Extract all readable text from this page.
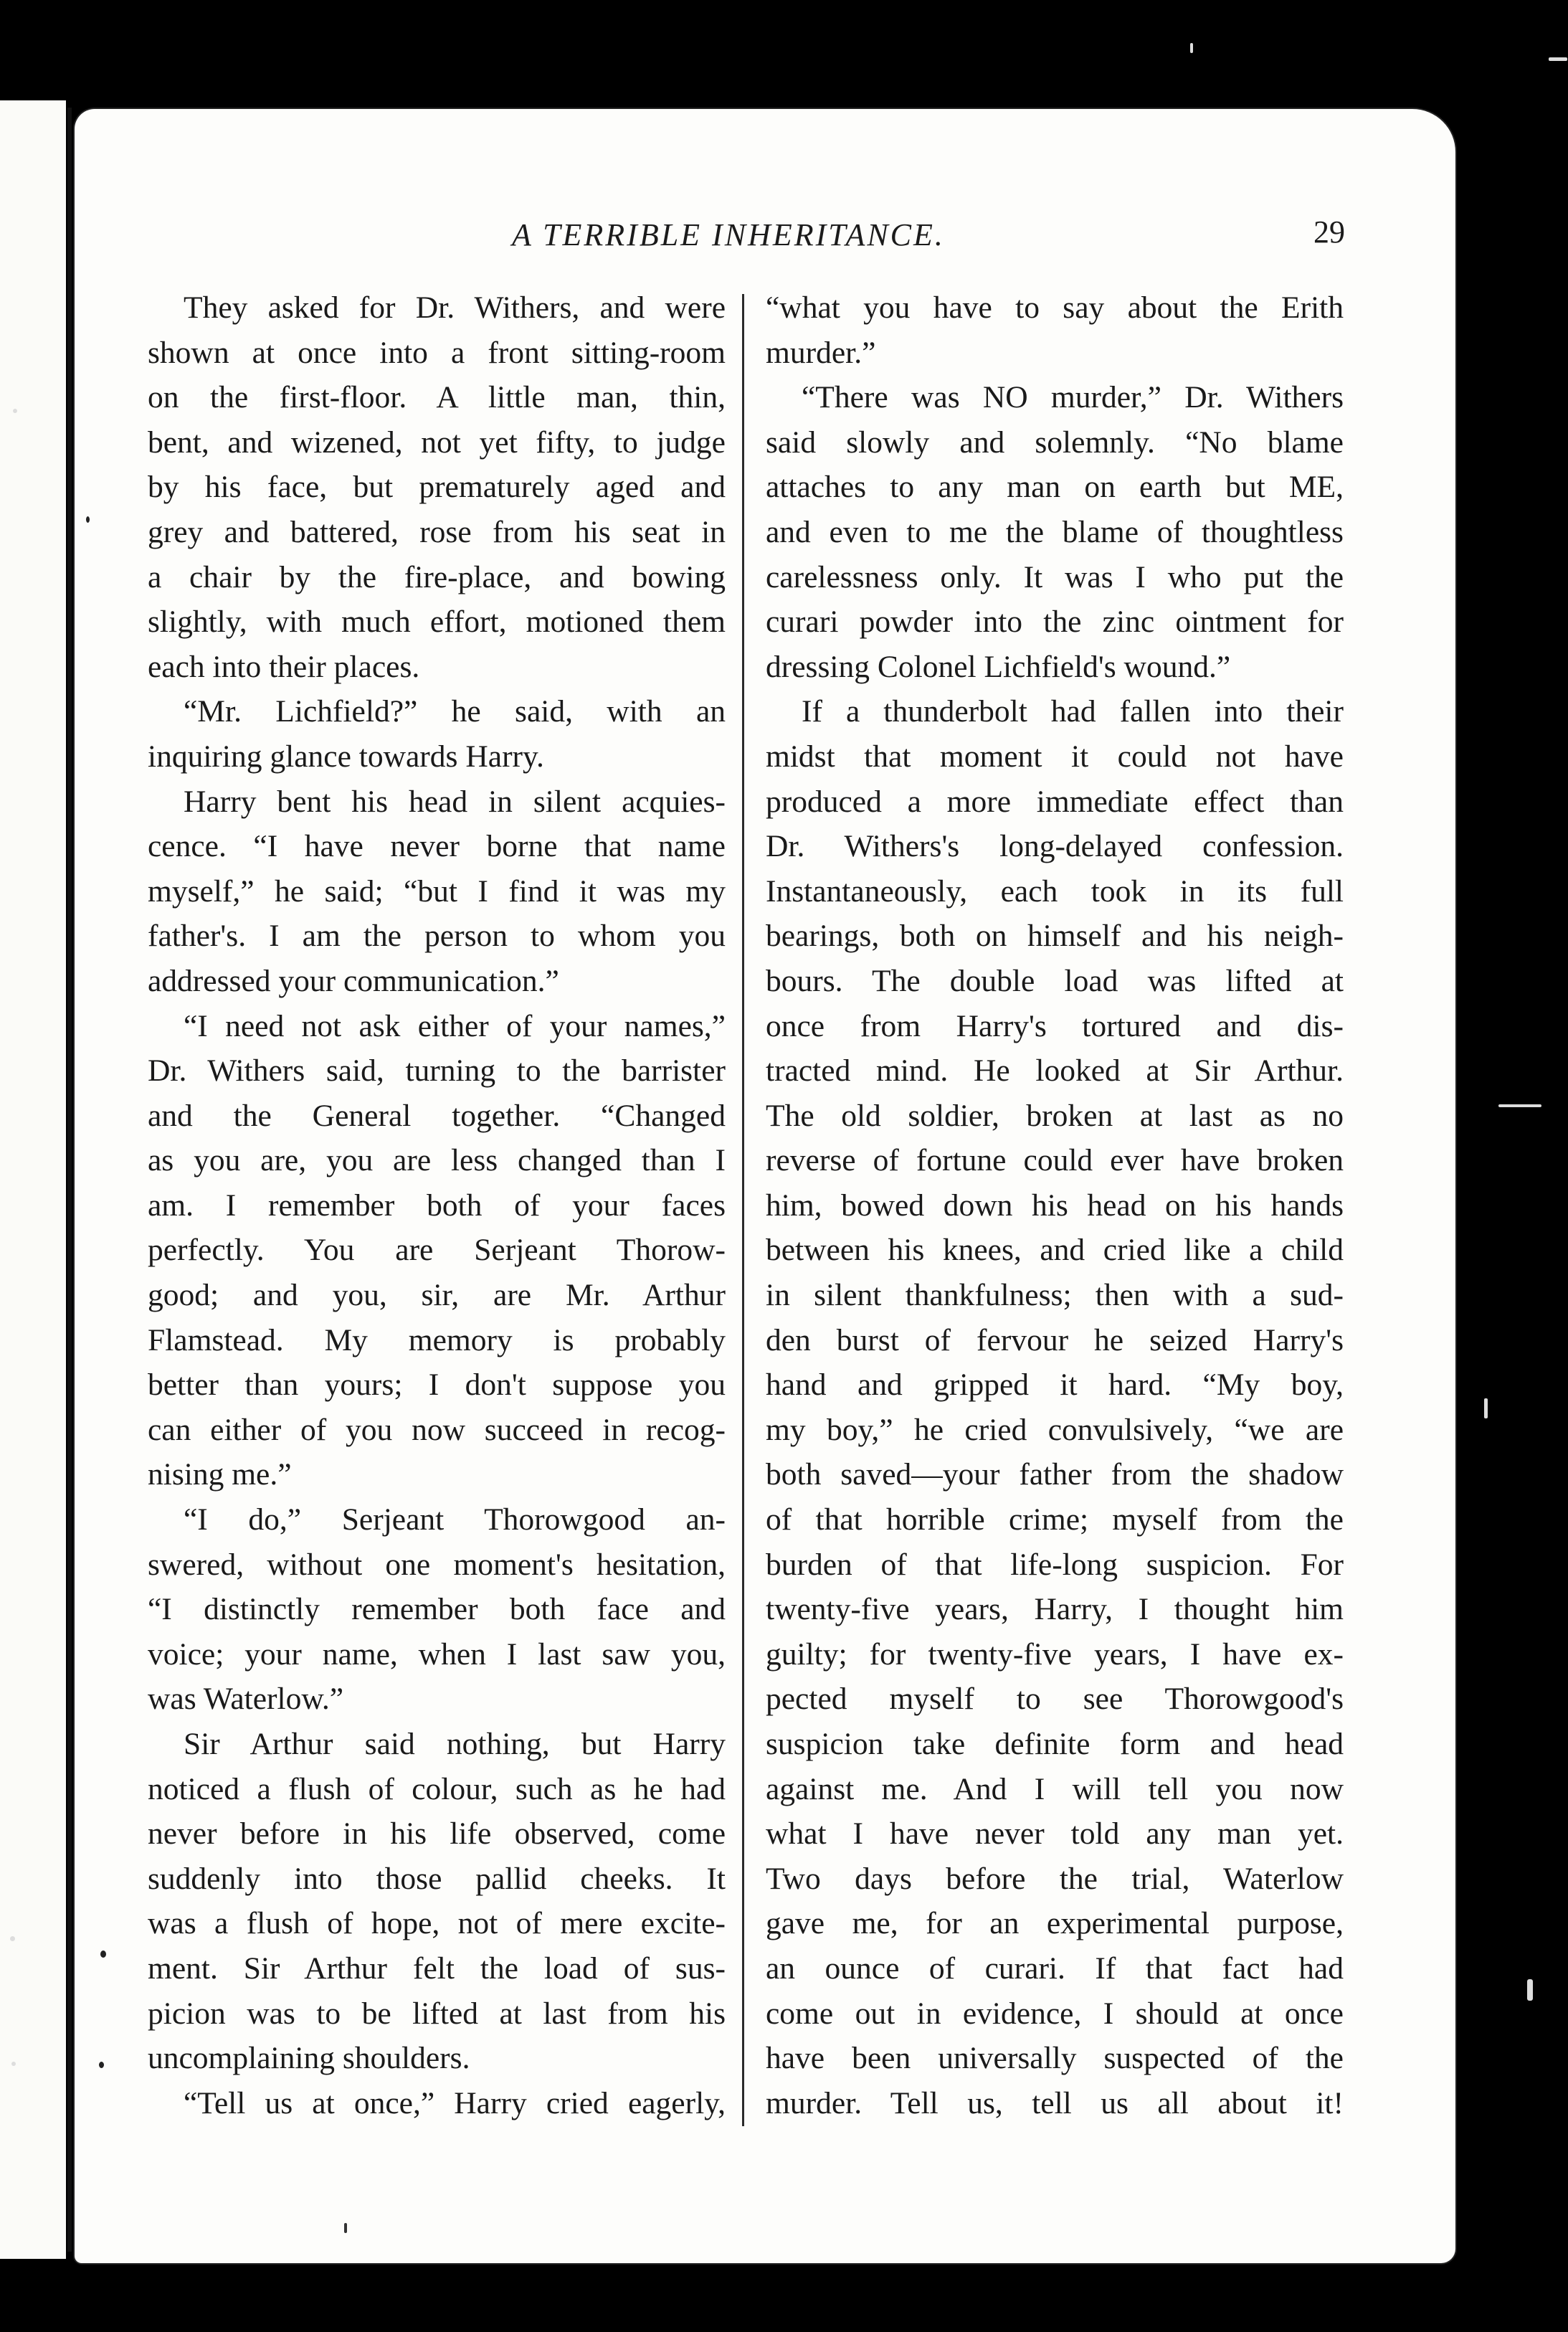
A TERRIBLE INHERITANCE.	29
They asked for Dr. Withers, and were
shown at once into a front sitting-room
on the first-floor. A little man, thin,
bent, and wizened, not yet fifty, to judge
by his face, but prematurely aged and
grey and battered, rose from his seat in
a chair by the fire-place, and bowing
slightly, with much effort, motioned them
each into their places.
“Mr. Lichfield?” he said, with an
inquiring glance towards Harry.
Harry bent his head in silent acquies-
cence. “I have never borne that name
myself,” he said; “but I find it was my
father's. I am the person to whom you
addressed your communication.”
“I need not ask either of your names,”
Dr. Withers said, turning to the barrister
and the General together. “Changed
as you are, you are less changed than I
am. I remember both of your faces
perfectly. You are Serjeant Thorow-
good; and you, sir, are Mr. Arthur
Flamstead. My memory is probably
better than yours; I don't suppose you
can either of you now succeed in recog-
nising me.”
“I do,” Serjeant Thorowgood an-
swered, without one moment's hesitation,
“I distinctly remember both face and
voice; your name, when I last saw you,
was Waterlow.”
Sir Arthur said nothing, but Harry
noticed a flush of colour, such as he had
never before in his life observed, come
suddenly into those pallid cheeks. It
was a flush of hope, not of mere excite-
ment. Sir Arthur felt the load of sus-
picion was to be lifted at last from his
uncomplaining shoulders.
“Tell us at once,” Harry cried eagerly,
“what you have to say about the Erith
murder.”
“There was NO murder,” Dr. Withers
said slowly and solemnly. “No blame
attaches to any man on earth but ME,
and even to me the blame of thoughtless
carelessness only. It was I who put the
curari powder into the zinc ointment for
dressing Colonel Lichfield's wound.”
If a thunderbolt had fallen into their
midst that moment it could not have
produced a more immediate effect than
Dr. Withers's long-delayed confession.
Instantaneously, each took in its full
bearings, both on himself and his neigh-
bours. The double load was lifted at
once from Harry's tortured and dis-
tracted mind. He looked at Sir Arthur.
The old soldier, broken at last as no
reverse of fortune could ever have broken
him, bowed down his head on his hands
between his knees, and cried like a child
in silent thankfulness; then with a sud-
den burst of fervour he seized Harry's
hand and gripped it hard. “My boy,
my boy,” he cried convulsively, “we are
both saved—your father from the shadow
of that horrible crime; myself from the
burden of that life-long suspicion. For
twenty-five years, Harry, I thought him
guilty; for twenty-five years, I have ex-
pected myself to see Thorowgood's
suspicion take definite form and head
against me. And I will tell you now
what I have never told any man yet.
Two days before the trial, Waterlow
gave me, for an experimental purpose,
an ounce of curari. If that fact had
come out in evidence, I should at once
have been universally suspected of the
murder. Tell us, tell us all about it!
